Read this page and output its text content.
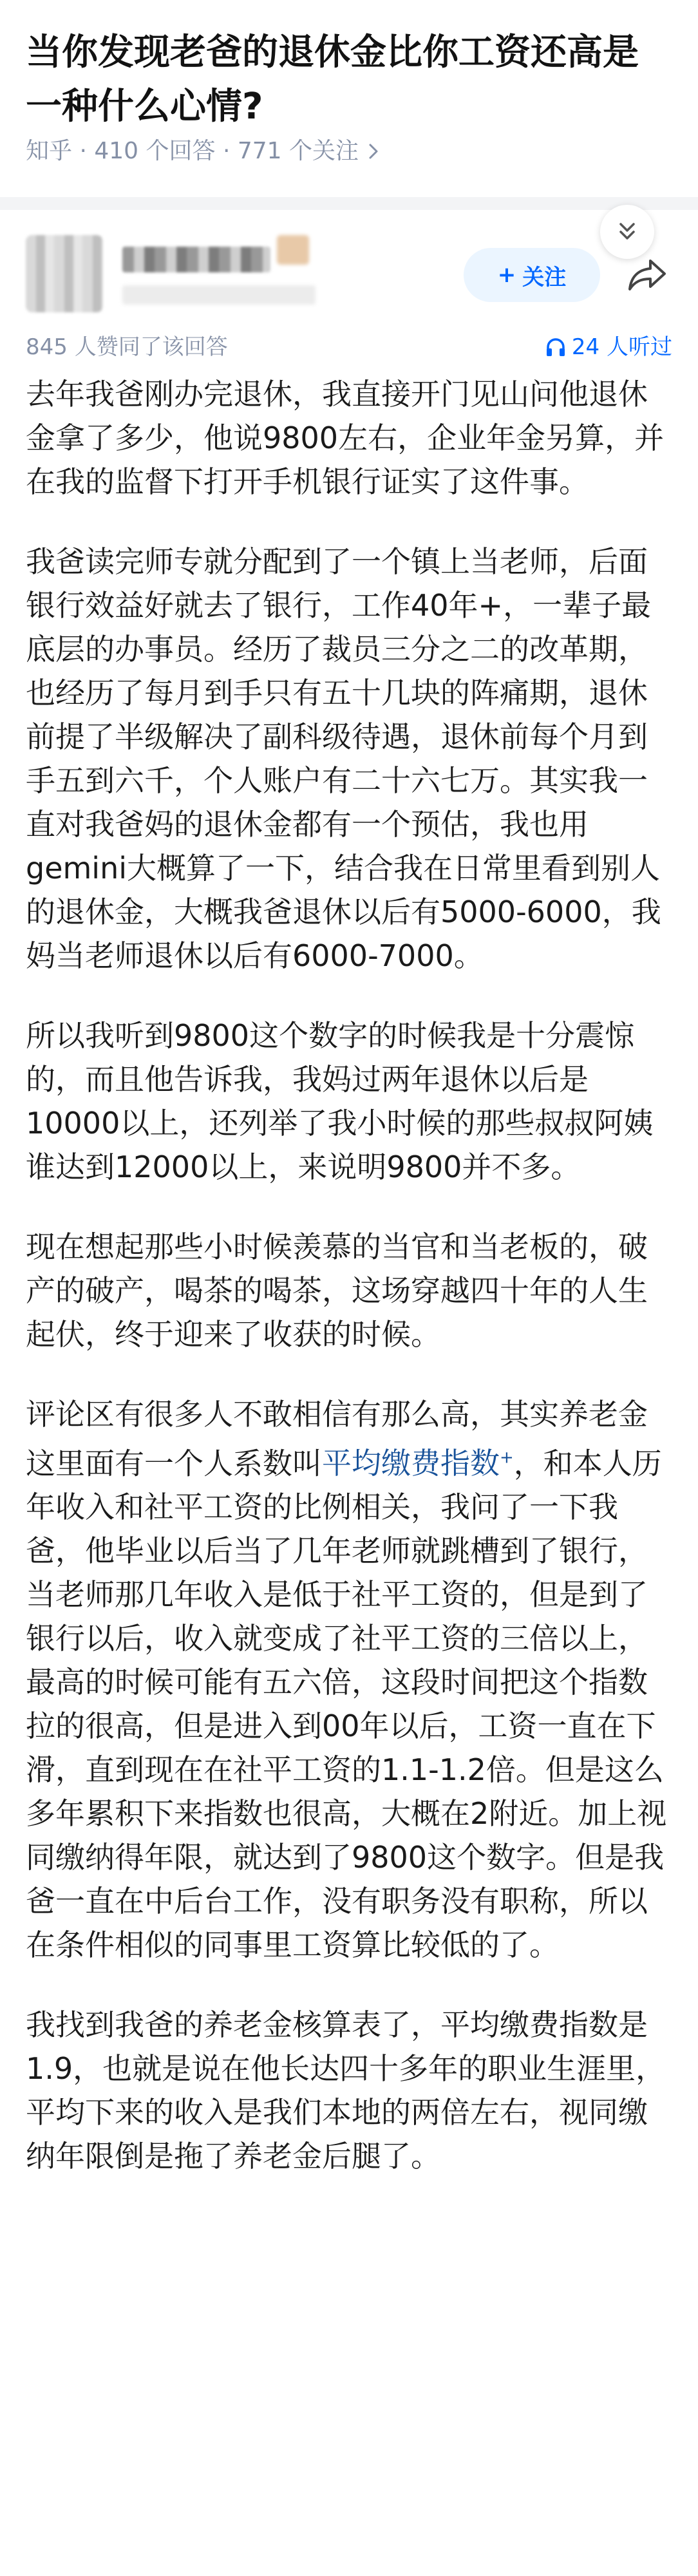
当你发现老爸的退休金比你工资还高是一种什么心情?
知乎 · 410 个回答 · 771 个关注
+ 关注
845 人赞同了该回答	24 人听过

去年我爸刚办完退休，我直接开门见山问他退休金拿了多少，他说9800左右，企业年金另算，并在我的监督下打开手机银行证实了这件事。

我爸读完师专就分配到了一个镇上当老师，后面银行效益好就去了银行，工作40年+，一辈子最底层的办事员。经历了裁员三分之二的改革期，也经历了每月到手只有五十几块的阵痛期，退休前提了半级解决了副科级待遇，退休前每个月到手五到六千，个人账户有二十六七万。其实我一直对我爸妈的退休金都有一个预估，我也用gemini大概算了一下，结合我在日常里看到别人的退休金，大概我爸退休以后有5000-6000，我妈当老师退休以后有6000-7000。

所以我听到9800这个数字的时候我是十分震惊的，而且他告诉我，我妈过两年退休以后是10000以上，还列举了我小时候的那些叔叔阿姨谁达到12000以上，来说明9800并不多。

现在想起那些小时候羡慕的当官和当老板的，破产的破产，喝茶的喝茶，这场穿越四十年的人生起伏，终于迎来了收获的时候。

评论区有很多人不敢相信有那么高，其实养老金这里面有一个人系数叫平均缴费指数+，和本人历年收入和社平工资的比例相关，我问了一下我爸，他毕业以后当了几年老师就跳槽到了银行，当老师那几年收入是低于社平工资的，但是到了银行以后，收入就变成了社平工资的三倍以上，最高的时候可能有五六倍，这段时间把这个指数拉的很高，但是进入到00年以后，工资一直在下滑，直到现在在社平工资的1.1-1.2倍。但是这么多年累积下来指数也很高，大概在2附近。加上视同缴纳得年限，就达到了9800这个数字。但是我爸一直在中后台工作，没有职务没有职称，所以在条件相似的同事里工资算比较低的了。

我找到我爸的养老金核算表了，平均缴费指数是1.9，也就是说在他长达四十多年的职业生涯里，平均下来的收入是我们本地的两倍左右，视同缴纳年限倒是拖了养老金后腿了。
